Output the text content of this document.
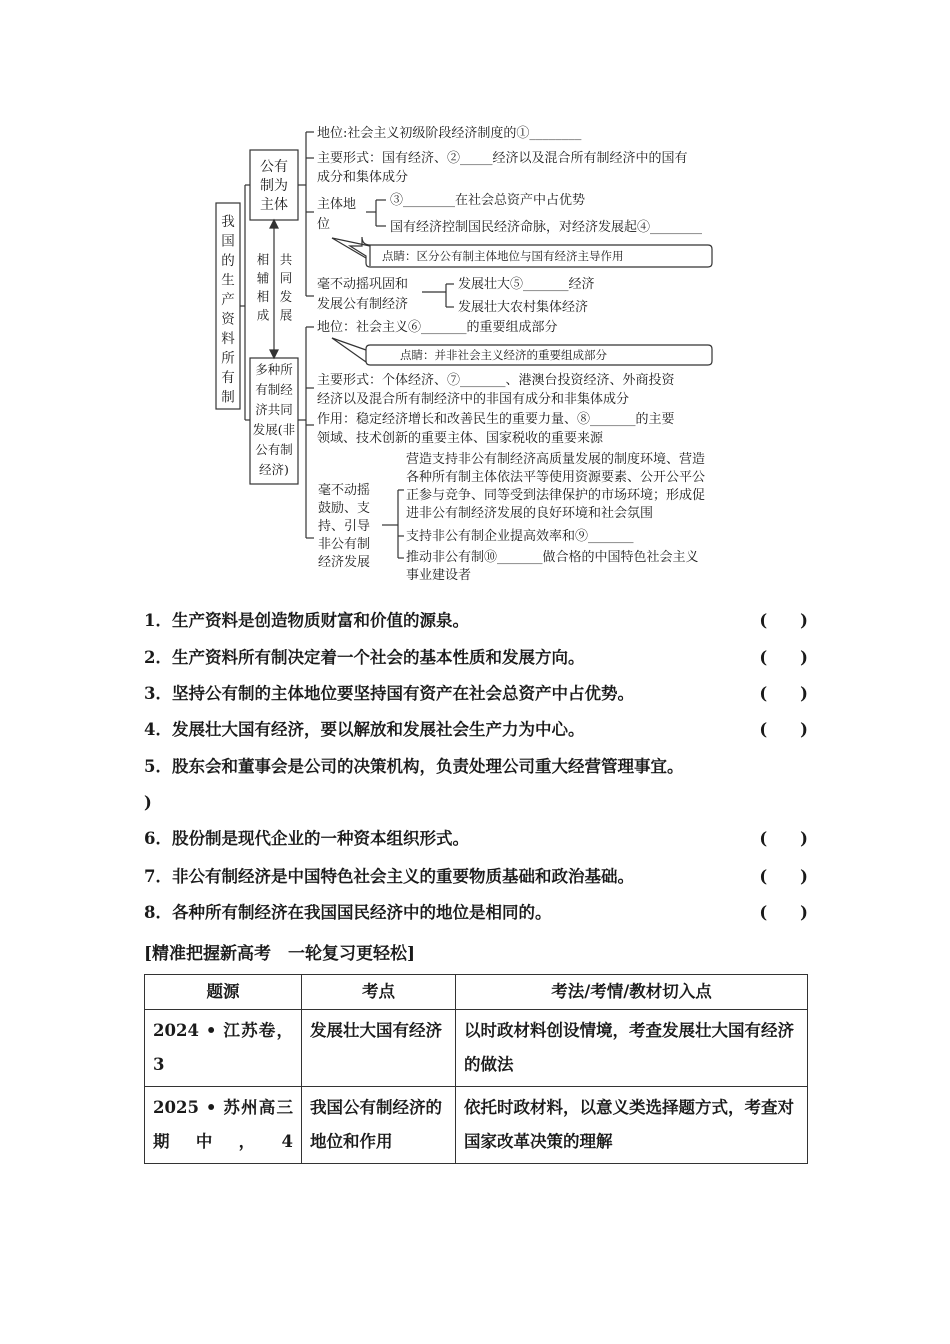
我
国
的
生
产
资
料
所
有
制
公有
制为
主体
多种所
有制经
济共同
发展(非
公有制
经济)
相
辅
相
成
共
同
发
展
地位:社会主义初级阶段经济制度的①________
主要形式：国有经济、②_____经济以及混合所有制经济中的国有
成分和集体成分
主体地
位
③________在社会总资产中占优势
国有经济控制国民经济命脉，对经济发展起④________
毫不动摇巩固和
发展公有制经济
发展壮大⑤_______经济
发展壮大农村集体经济
点睛：区分公有制主体地位与国有经济主导作用
点睛：并非社会主义经济的重要组成部分
地位：社会主义⑥_______的重要组成部分
主要形式：个体经济、⑦_______、港澳台投资经济、外商投资
经济以及混合所有制经济中的非国有成分和非集体成分
作用：稳定经济增长和改善民生的重要力量、⑧_______的主要
领域、技术创新的重要主体、国家税收的重要来源
毫不动摇
鼓励、支
持、引导
非公有制
经济发展
营造支持非公有制经济高质量发展的制度环境、营造
各种所有制主体依法平等使用资源要素、公开公平公
正参与竞争、同等受到法律保护的市场环境；形成促
进非公有制经济发展的良好环境和社会氛围
支持非公有制企业提高效率和⑨_______
推动非公有制⑩_______做合格的中国特色社会主义
事业建设者
1．生产资料是创造物质财富和价值的源泉。	(　　)
2．生产资料所有制决定着一个社会的基本性质和发展方向。	(　　)
3．坚持公有制的主体地位要坚持国有资产在社会总资产中占优势。	(　　)
4．发展壮大国有经济，要以解放和发展社会生产力为中心。	(　　)
5．股东会和董事会是公司的决策机构，负责处理公司重大经营管理事宜。
)
6．股份制是现代企业的一种资本组织形式。	(　　)
7．非公有制经济是中国特色社会主义的重要物质基础和政治基础。	(　　)
8．各种所有制经济在我国国民经济中的地位是相同的。	(　　)
[精准把握新高考　一轮复习更轻松]
题源	考点	考法/考情/教材切入点
2024 • 江苏卷，3	发展壮大国有经济	以时政材料创设情境，考查发展壮大国有经济的做法
2025 • 苏州高三期中，4	我国公有制经济的地位和作用	依托时政材料，以意义类选择题方式，考查对国家改革决策的理解
